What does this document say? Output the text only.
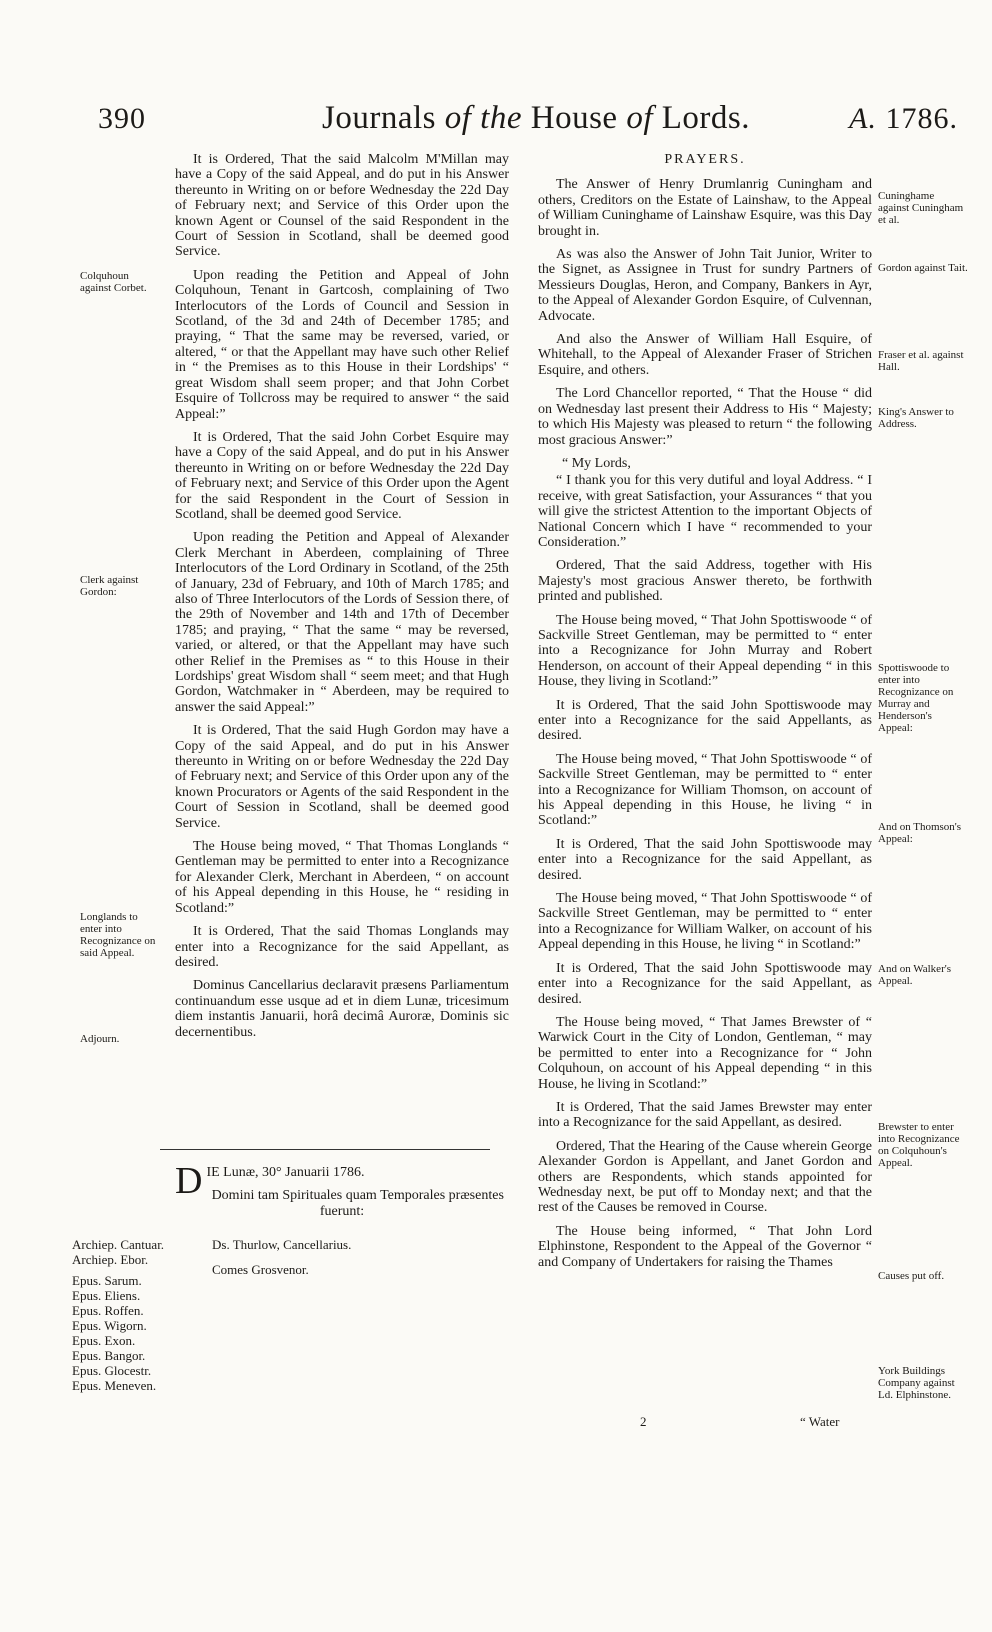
390	Journals of the House of Lords.	A. 1786.
Colquhoun against Corbet.
Clerk against Gordon:
Longlands to enter into Recognizance on said Appeal.
Adjourn.
Cuninghame against Cuningham et al.
Gordon against Tait.
Fraser et al. against Hall.
King's Answer to Address.
Spottiswoode to enter into Recognizance on Murray and Henderson's Appeal:
And on Thomson's Appeal:
And on Walker's Appeal.
Brewster to enter into Recognizance on Colquhoun's Appeal.
Causes put off.
York Buildings Company against Ld. Elphinstone.

It is Ordered, That the said Malcolm M'Millan may have a Copy of the said Appeal, and do put in his Answer thereunto in Writing on or before Wednesday the 22d Day of February next; and Service of this Order upon the known Agent or Counsel of the said Respondent in the Court of Session in Scotland, shall be deemed good Service.

Upon reading the Petition and Appeal of John Colquhoun, Tenant in Gartcosh, complaining of Two Interlocutors of the Lords of Council and Session in Scotland, of the 3d and 24th of December 1785; and praying, “ That the same may be reversed, varied, or altered, “ or that the Appellant may have such other Relief in “ the Premises as to this House in their Lordships' “ great Wisdom shall seem proper; and that John Corbet Esquire of Tollcross may be required to answer “ the said Appeal:”

It is Ordered, That the said John Corbet Esquire may have a Copy of the said Appeal, and do put in his Answer thereunto in Writing on or before Wednesday the 22d Day of February next; and Service of this Order upon the Agent for the said Respondent in the Court of Session in Scotland, shall be deemed good Service.

Upon reading the Petition and Appeal of Alexander Clerk Merchant in Aberdeen, complaining of Three Interlocutors of the Lord Ordinary in Scotland, of the 25th of January, 23d of February, and 10th of March 1785; and also of Three Interlocutors of the Lords of Session there, of the 29th of November and 14th and 17th of December 1785; and praying, “ That the same “ may be reversed, varied, or altered, or that the Appellant may have such other Relief in the Premises as “ to this House in their Lordships' great Wisdom shall “ seem meet; and that Hugh Gordon, Watchmaker in “ Aberdeen, may be required to answer the said Appeal:”

It is Ordered, That the said Hugh Gordon may have a Copy of the said Appeal, and do put in his Answer thereunto in Writing on or before Wednesday the 22d Day of February next; and Service of this Order upon any of the known Procurators or Agents of the said Respondent in the Court of Session in Scotland, shall be deemed good Service.

The House being moved, “ That Thomas Longlands “ Gentleman may be permitted to enter into a Recognizance for Alexander Clerk, Merchant in Aberdeen, “ on account of his Appeal depending in this House, he “ residing in Scotland:”

It is Ordered, That the said Thomas Longlands may enter into a Recognizance for the said Appellant, as desired.

Dominus Cancellarius declaravit præsens Parliamentum continuandum esse usque ad et in diem Lunæ, tricesimum diem instantis Januarii, horâ decimâ Auroræ, Dominis sic decernentibus.

D IE Lunæ, 30° Januarii 1786.

Domini tam Spirituales quam Temporales præsentes fuerunt:

Archiep. Cantuar.
Archiep. Ebor.
Epus. Sarum.
Epus. Eliens.
Epus. Roffen.
Epus. Wigorn.
Epus. Exon.
Epus. Bangor.
Epus. Glocestr.
Epus. Meneven.
Ds. Thurlow, Cancellarius.
Comes Grosvenor.

PRAYERS.

The Answer of Henry Drumlanrig Cuningham and others, Creditors on the Estate of Lainshaw, to the Appeal of William Cuninghame of Lainshaw Esquire, was this Day brought in.

As was also the Answer of John Tait Junior, Writer to the Signet, as Assignee in Trust for sundry Partners of Messieurs Douglas, Heron, and Company, Bankers in Ayr, to the Appeal of Alexander Gordon Esquire, of Culvennan, Advocate.

And also the Answer of William Hall Esquire, of Whitehall, to the Appeal of Alexander Fraser of Strichen Esquire, and others.

The Lord Chancellor reported, “ That the House “ did on Wednesday last present their Address to His “ Majesty; to which His Majesty was pleased to return “ the following most gracious Answer:”

“ My Lords,

“ I thank you for this very dutiful and loyal Address. “ I receive, with great Satisfaction, your Assurances “ that you will give the strictest Attention to the important Objects of National Concern which I have “ recommended to your Consideration.”

Ordered, That the said Address, together with His Majesty's most gracious Answer thereto, be forthwith printed and published.

The House being moved, “ That John Spottiswoode “ of Sackville Street Gentleman, may be permitted to “ enter into a Recognizance for John Murray and Robert Henderson, on account of their Appeal depending “ in this House, they living in Scotland:”

It is Ordered, That the said John Spottiswoode may enter into a Recognizance for the said Appellants, as desired.

The House being moved, “ That John Spottiswoode “ of Sackville Street Gentleman, may be permitted to “ enter into a Recognizance for William Thomson, on account of his Appeal depending in this House, he living “ in Scotland:”

It is Ordered, That the said John Spottiswoode may enter into a Recognizance for the said Appellant, as desired.

The House being moved, “ That John Spottiswoode “ of Sackville Street Gentleman, may be permitted to “ enter into a Recognizance for William Walker, on account of his Appeal depending in this House, he living “ in Scotland:”

It is Ordered, That the said John Spottiswoode may enter into a Recognizance for the said Appellant, as desired.

The House being moved, “ That James Brewster of “ Warwick Court in the City of London, Gentleman, “ may be permitted to enter into a Recognizance for “ John Colquhoun, on account of his Appeal depending “ in this House, he living in Scotland:”

It is Ordered, That the said James Brewster may enter into a Recognizance for the said Appellant, as desired.

Ordered, That the Hearing of the Cause wherein George Alexander Gordon is Appellant, and Janet Gordon and others are Respondents, which stands appointed for Wednesday next, be put off to Monday next; and that the rest of the Causes be removed in Course.

The House being informed, “ That John Lord Elphinstone, Respondent to the Appeal of the Governor “ and Company of Undertakers for raising the Thames

2	“ Water
